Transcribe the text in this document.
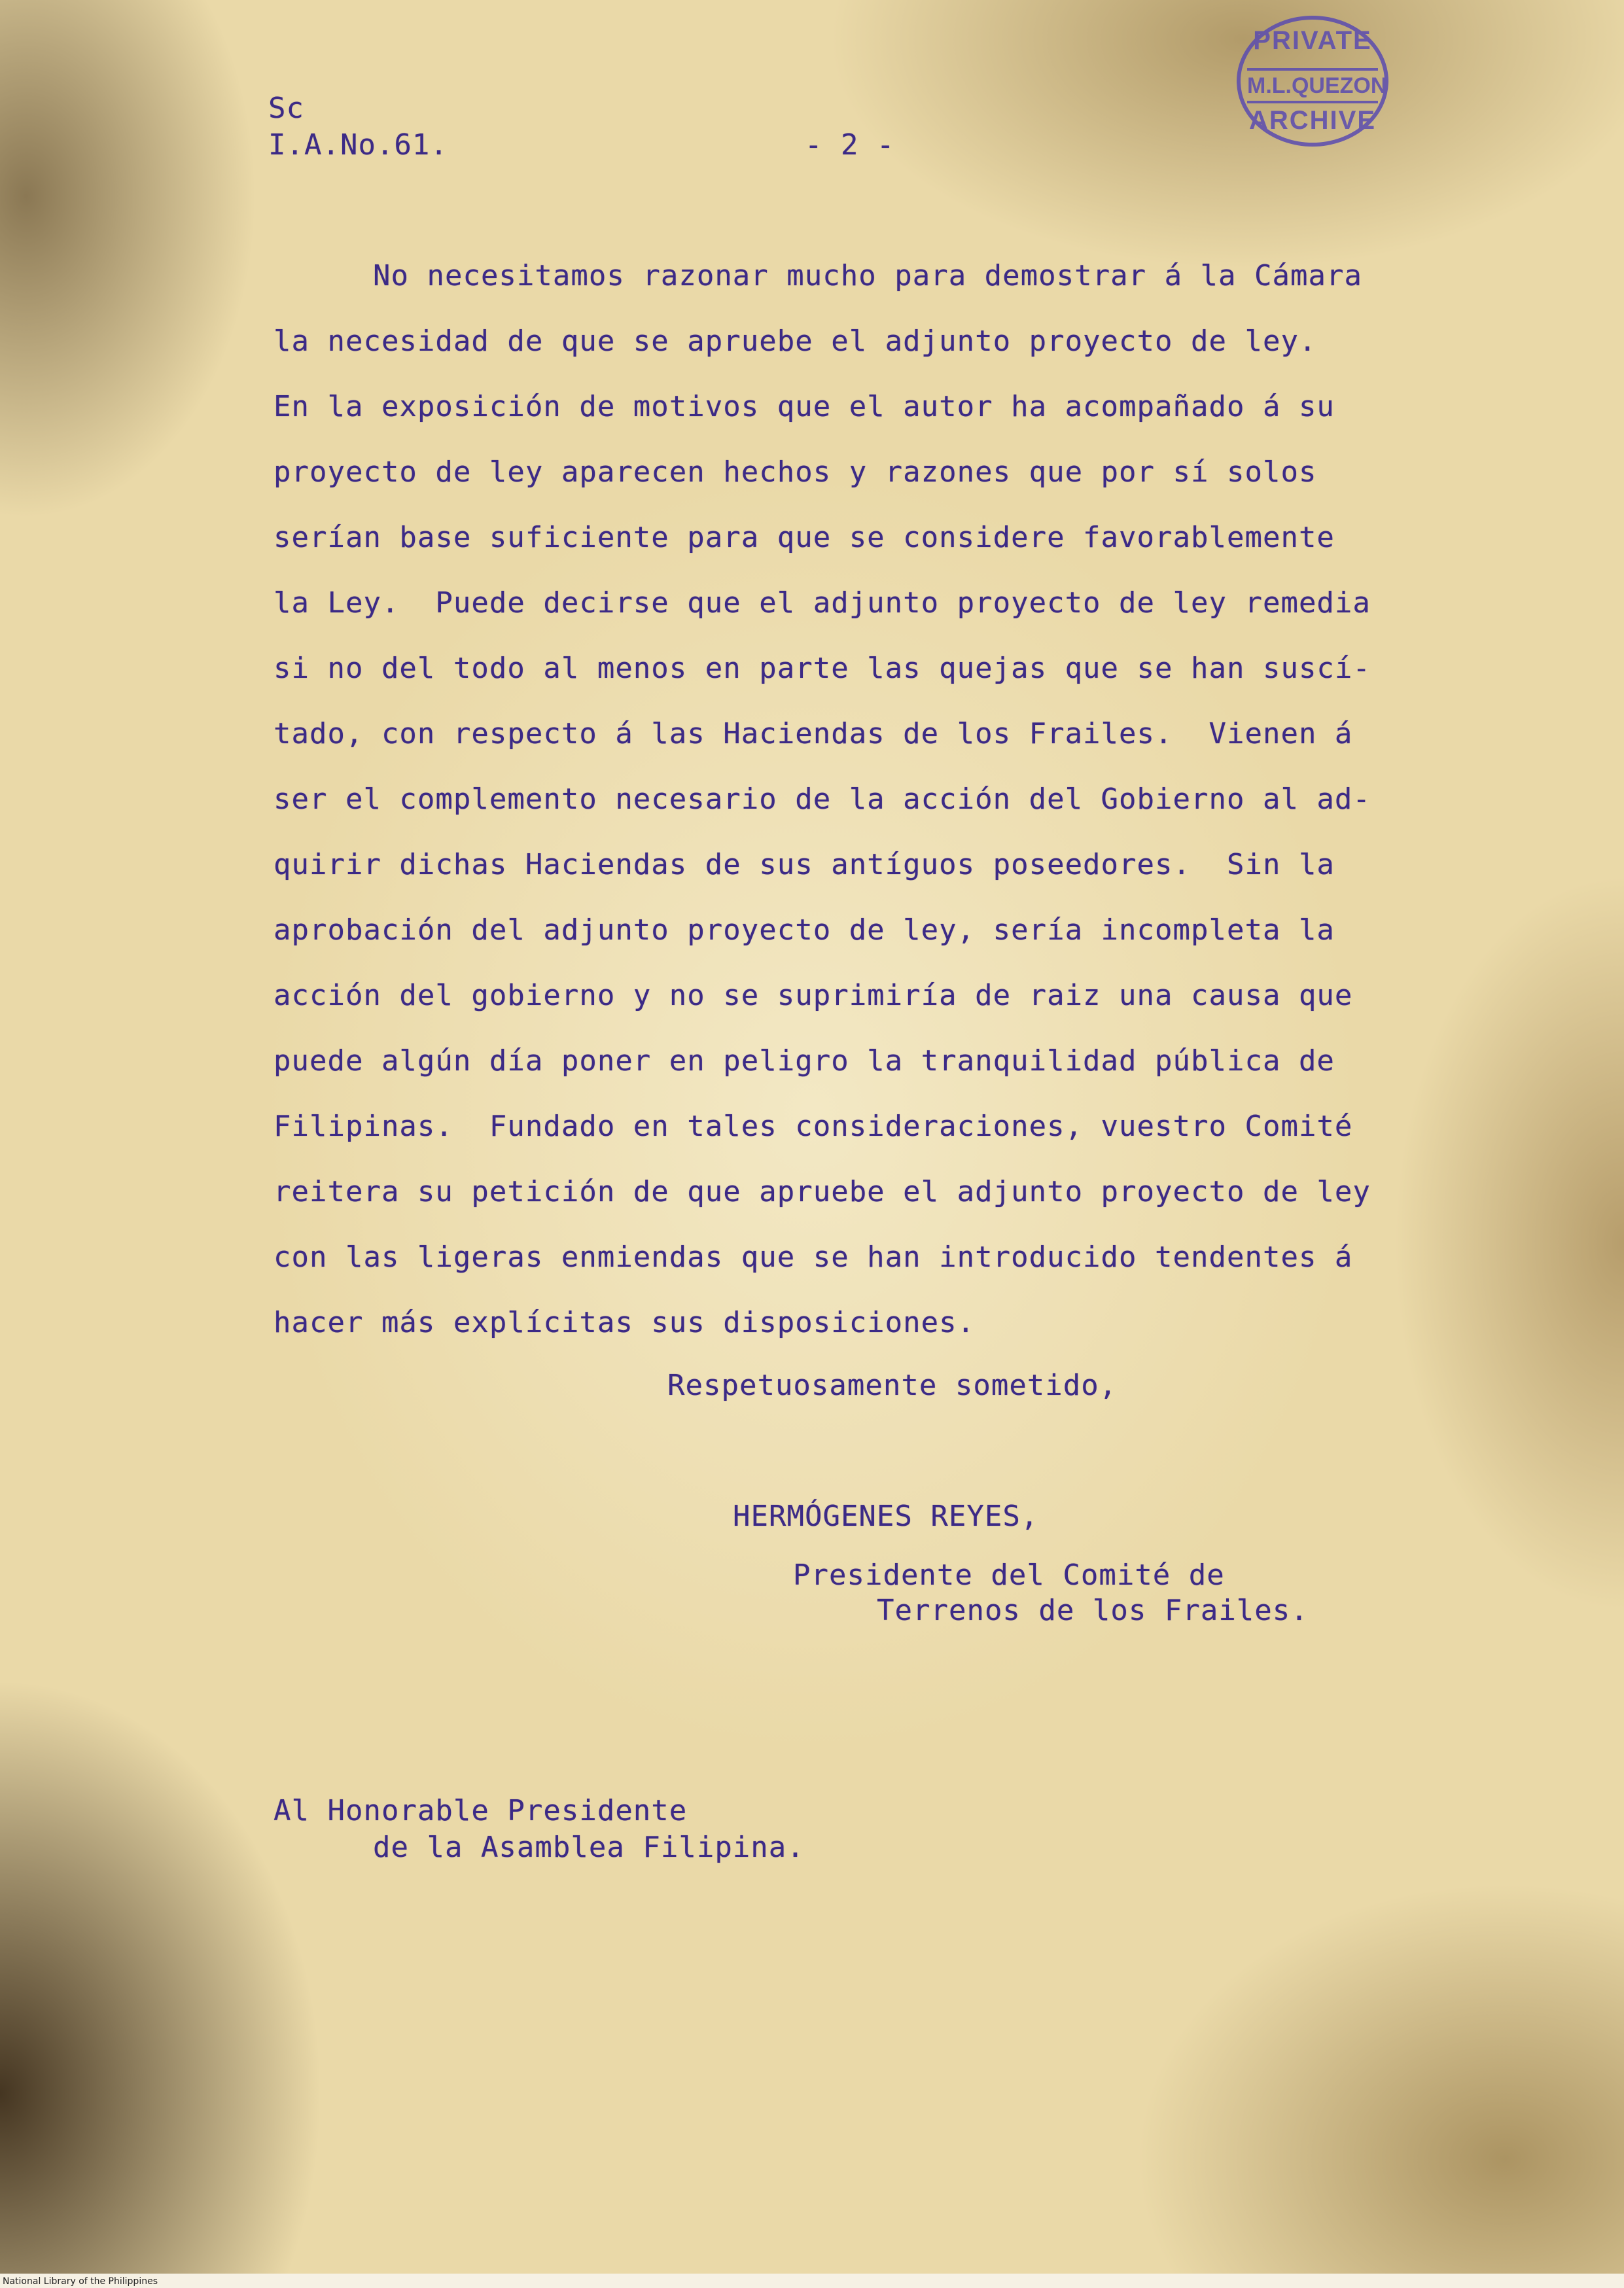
PRIVATE
M.L.QUEZON
ARCHIVE
Sc
I.A.No.61.	- 2 -
No necesitamos razonar mucho para demostrar á la Cámara
la necesidad de que se apruebe el adjunto proyecto de ley.
En la exposición de motivos que el autor ha acompañado á su
proyecto de ley aparecen hechos y razones que por sí solos
serían base suficiente para que se considere favorablemente
la Ley.  Puede decirse que el adjunto proyecto de ley remedia
si no del todo al menos en parte las quejas que se han suscí-
tado, con respecto á las Haciendas de los Frailes.  Vienen á
ser el complemento necesario de la acción del Gobierno al ad-
quirir dichas Haciendas de sus antíguos poseedores.  Sin la
aprobación del adjunto proyecto de ley, sería incompleta la
acción del gobierno y no se suprimiría de raiz una causa que
puede algún día poner en peligro la tranquilidad pública de
Filipinas.  Fundado en tales consideraciones, vuestro Comité
reitera su petición de que apruebe el adjunto proyecto de ley
con las ligeras enmiendas que se han introducido tendentes á
hacer más explícitas sus disposiciones.
Respetuosamente sometido,
HERMÓGENES REYES,
Presidente del Comité de
Terrenos de los Frailes.
Al Honorable Presidente
de la Asamblea Filipina.
National Library of the Philippines
